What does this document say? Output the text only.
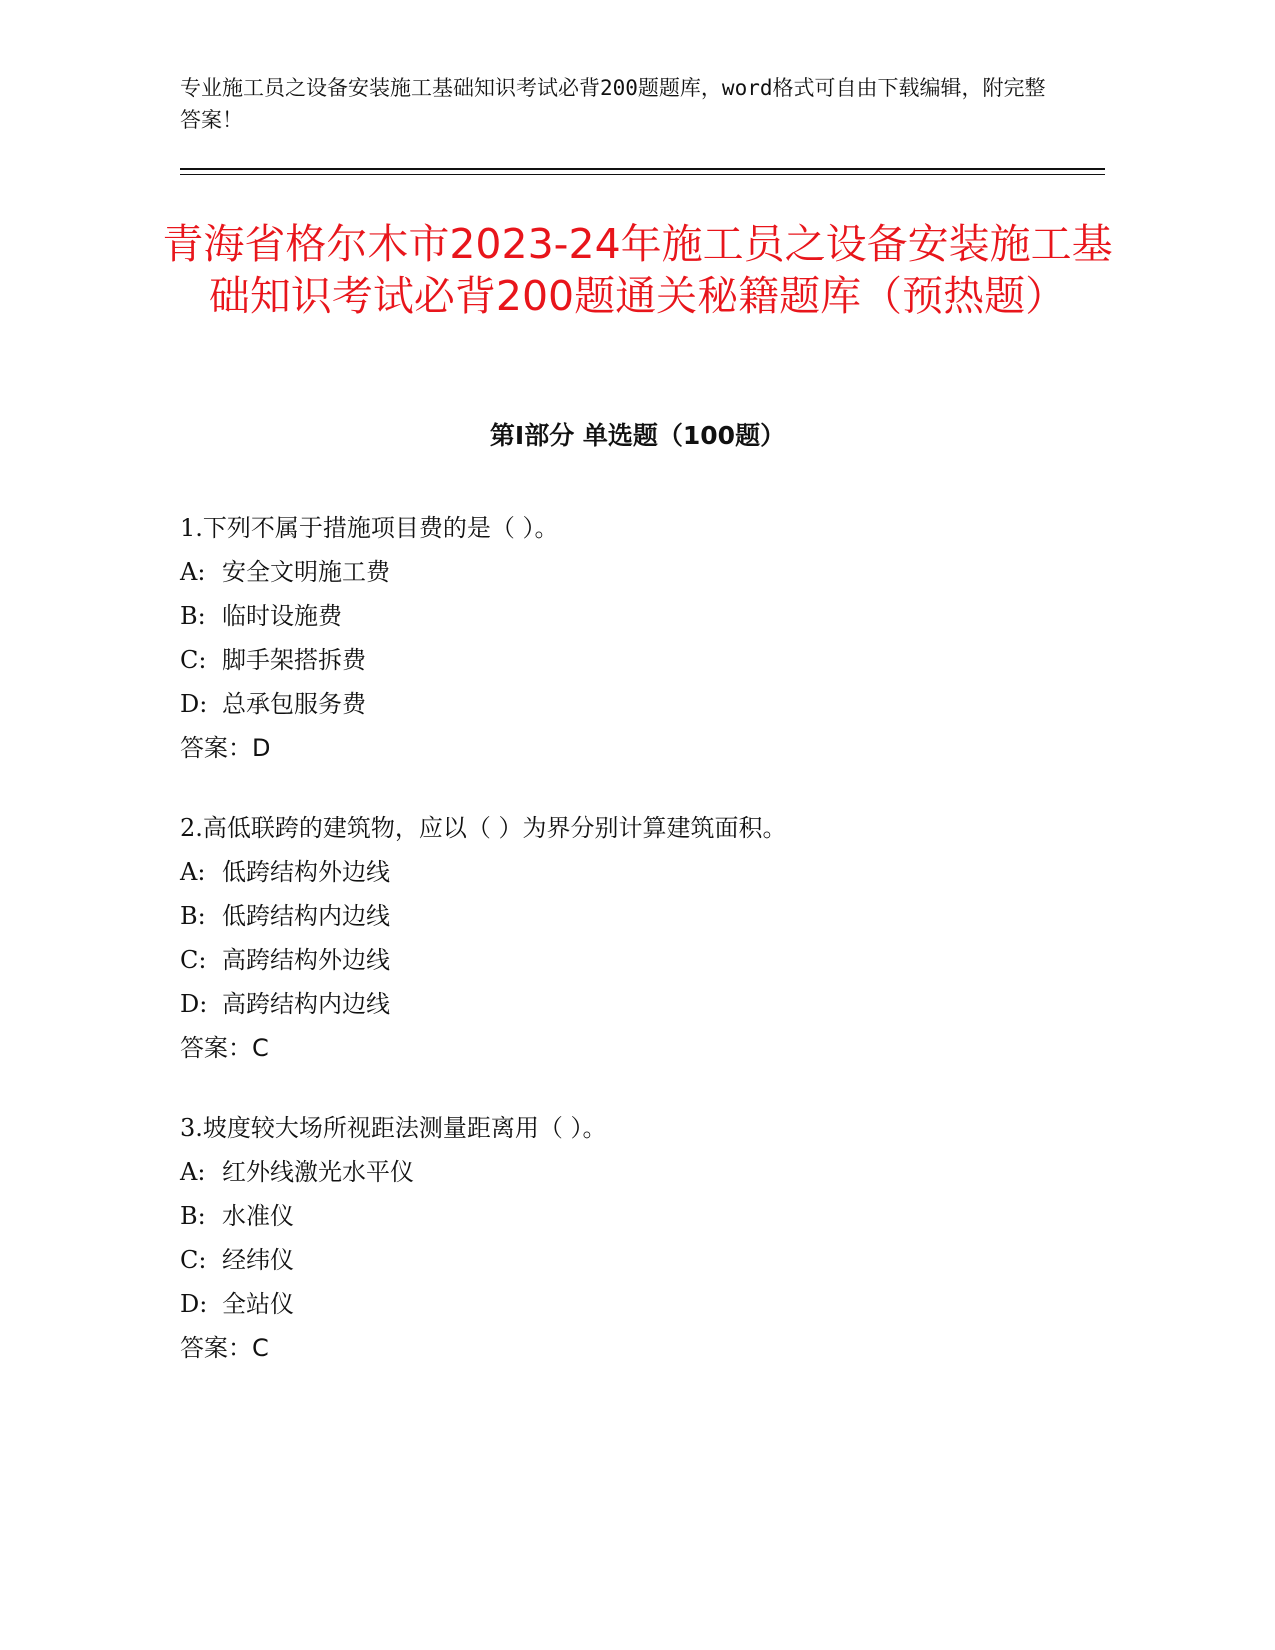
专业施工员之设备安装施工基础知识考试必背200题题库，word格式可自由下载编辑，附完整答案！
青海省格尔木市2023-24年施工员之设备安装施工基础知识考试必背200题通关秘籍题库（预热题）
第I部分 单选题（100题）
1.下列不属于措施项目费的是（ ）。
A: 安全文明施工费
B: 临时设施费
C: 脚手架搭拆费
D: 总承包服务费
答案：D
2.高低联跨的建筑物，应以（ ）为界分别计算建筑面积。
A: 低跨结构外边线
B: 低跨结构内边线
C: 高跨结构外边线
D: 高跨结构内边线
答案：C
3.坡度较大场所视距法测量距离用（ ）。
A: 红外线激光水平仪
B: 水准仪
C: 经纬仪
D: 全站仪
答案：C
